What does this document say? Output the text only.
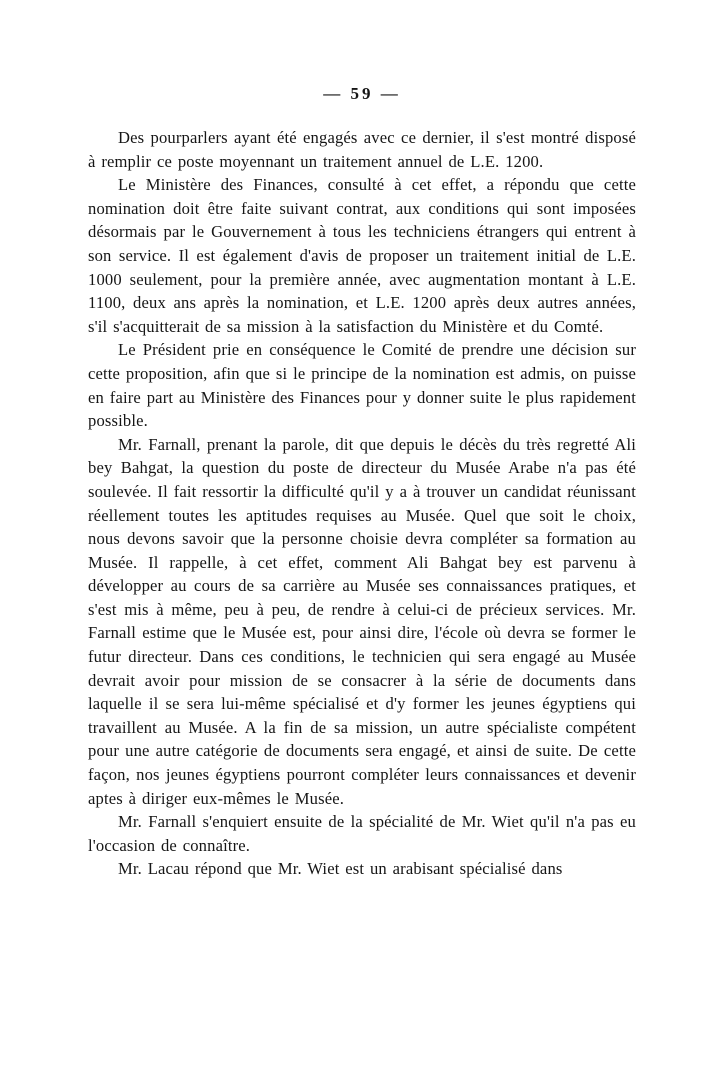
— 59 —

Des pourparlers ayant été engagés avec ce dernier, il s'est montré disposé à remplir ce poste moyennant un traitement annuel de L.E. 1200.

Le Ministère des Finances, consulté à cet effet, a répondu que cette nomination doit être faite suivant contrat, aux conditions qui sont imposées désormais par le Gouvernement à tous les techniciens étrangers qui entrent à son service. Il est également d'avis de proposer un traitement initial de L.E. 1000 seulement, pour la première année, avec augmentation montant à L.E. 1100, deux ans après la nomination, et L.E. 1200 après deux autres années, s'il s'acquitterait de sa mission à la satisfaction du Ministère et du Comté.

Le Président prie en conséquence le Comité de prendre une décision sur cette proposition, afin que si le principe de la nomination est admis, on puisse en faire part au Ministère des Finances pour y donner suite le plus rapidement possible.

Mr. Farnall, prenant la parole, dit que depuis le décès du très regretté Ali bey Bahgat, la question du poste de directeur du Musée Arabe n'a pas été soulevée. Il fait ressortir la difficulté qu'il y a à trouver un candidat réunissant réellement toutes les aptitudes requises au Musée. Quel que soit le choix, nous devons savoir que la personne choisie devra compléter sa formation au Musée. Il rappelle, à cet effet, comment Ali Bahgat bey est parvenu à développer au cours de sa carrière au Musée ses connaissances pratiques, et s'est mis à même, peu à peu, de rendre à celui-ci de précieux services. Mr. Farnall estime que le Musée est, pour ainsi dire, l'école où devra se former le futur directeur. Dans ces conditions, le technicien qui sera engagé au Musée devrait avoir pour mission de se consacrer à la série de documents dans laquelle il se sera lui-même spécialisé et d'y former les jeunes égyptiens qui travaillent au Musée. A la fin de sa mission, un autre spécialiste compétent pour une autre catégorie de documents sera engagé, et ainsi de suite. De cette façon, nos jeunes égyptiens pourront compléter leurs connaissances et devenir aptes à diriger eux-mêmes le Musée.

Mr. Farnall s'enquiert ensuite de la spécialité de Mr. Wiet qu'il n'a pas eu l'occasion de connaître.

Mr. Lacau répond que Mr. Wiet est un arabisant spécialisé dans
